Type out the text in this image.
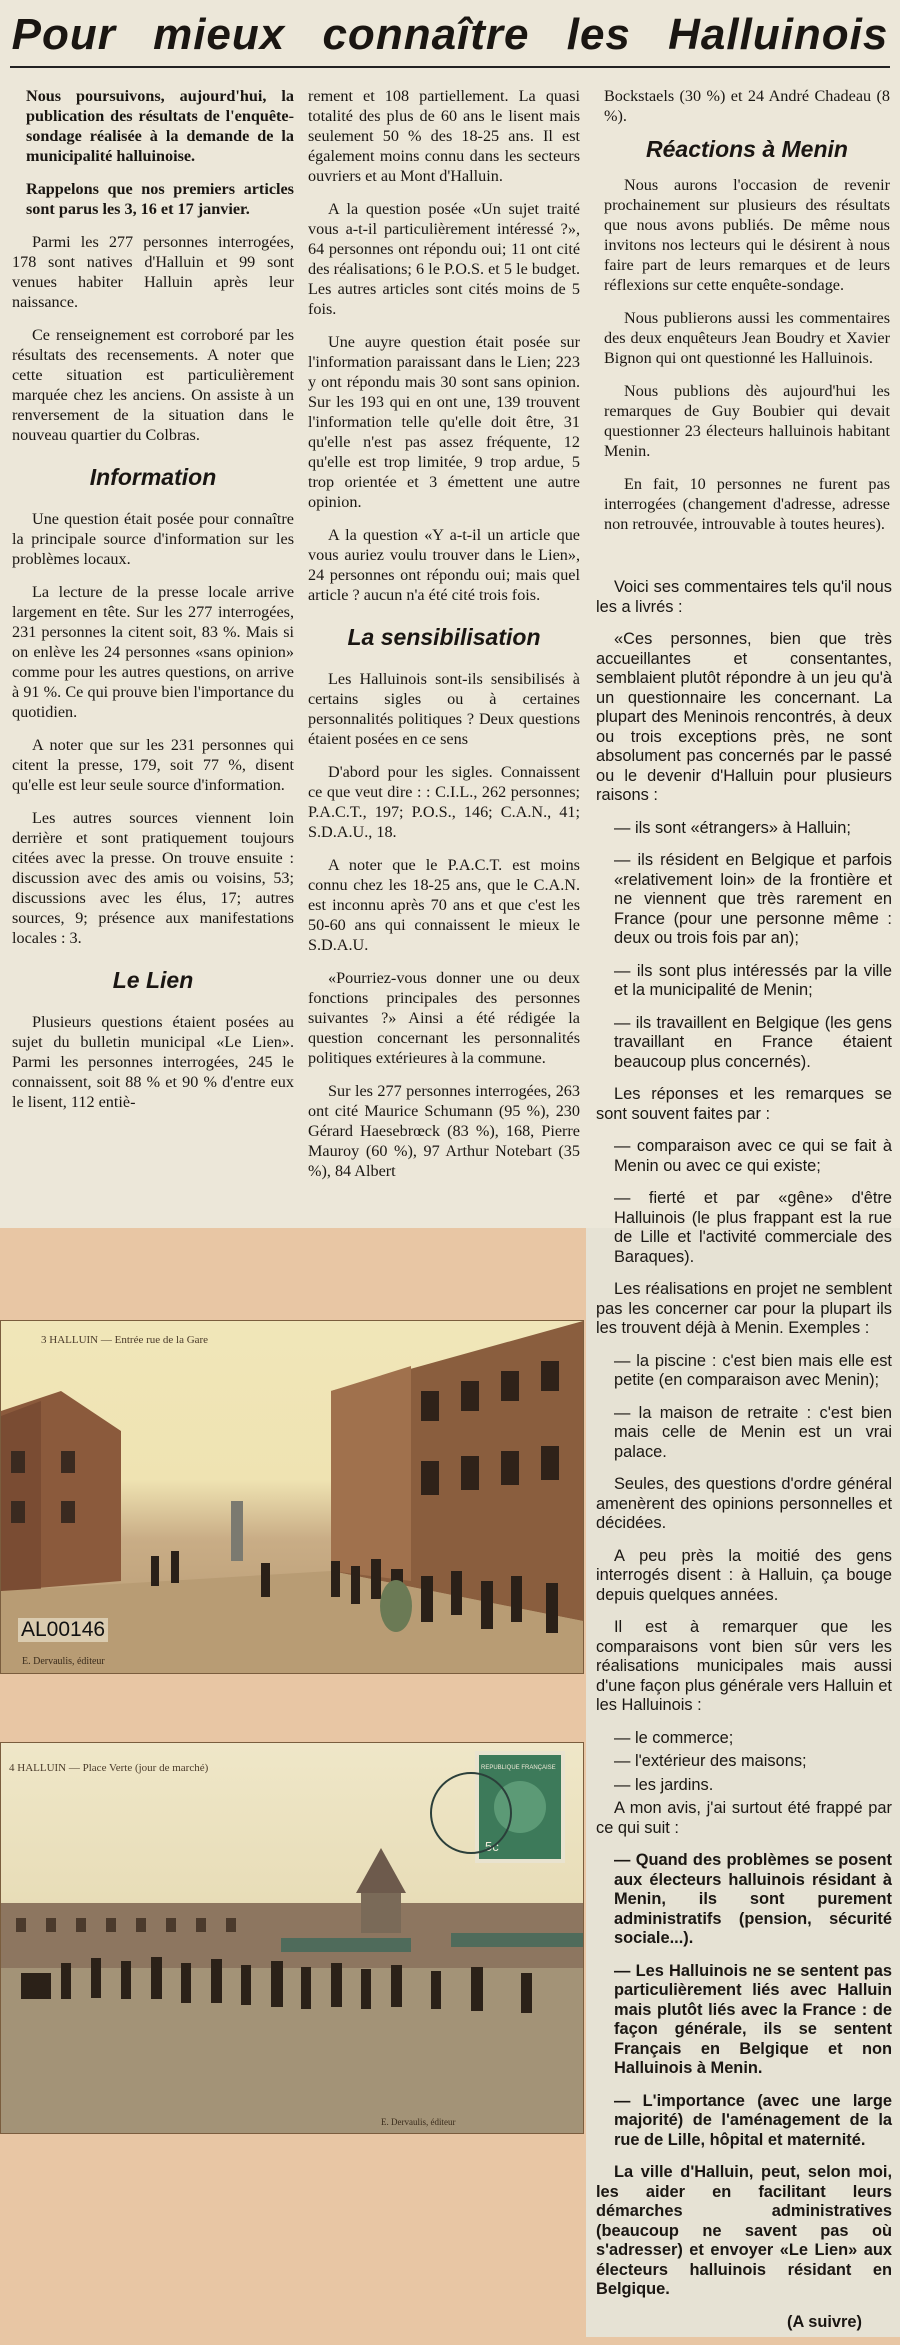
Pour mieux connaître les Halluinois

Nous poursuivons, aujourd'hui, la publication des résultats de l'enquête-sondage réalisée à la demande de la municipalité halluinoise.

Rappelons que nos premiers articles sont parus les 3, 16 et 17 janvier.

Parmi les 277 personnes interrogées, 178 sont natives d'Halluin et 99 sont venues habiter Halluin après leur naissance.

Ce renseignement est corroboré par les résultats des recensements. A noter que cette situation est particulièrement marquée chez les anciens. On assiste à un renversement de la situation dans le nouveau quartier du Colbras.

Information

Une question était posée pour connaître la principale source d'information sur les problèmes locaux.

La lecture de la presse locale arrive largement en tête. Sur les 277 interrogées, 231 personnes la citent soit, 83 %. Mais si on enlève les 24 personnes «sans opinion» comme pour les autres questions, on arrive à 91 %. Ce qui prouve bien l'importance du quotidien.

A noter que sur les 231 personnes qui citent la presse, 179, soit 77 %, disent qu'elle est leur seule source d'information.

Les autres sources viennent loin derrière et sont pratiquement toujours citées avec la presse. On trouve ensuite : discussion avec des amis ou voisins, 53; discussions avec les élus, 17; autres sources, 9; présence aux manifestations locales : 3.

Le Lien

Plusieurs questions étaient posées au sujet du bulletin municipal «Le Lien». Parmi les personnes interrogées, 245 le connaissent, soit 88 % et 90 % d'entre eux le lisent, 112 entiè-

rement et 108 partiellement. La quasi totalité des plus de 60 ans le lisent mais seulement 50 % des 18-25 ans. Il est également moins connu dans les secteurs ouvriers et au Mont d'Halluin.

A la question posée «Un sujet traité vous a-t-il particulièrement intéressé ?», 64 personnes ont répondu oui; 11 ont cité des réalisations; 6 le P.O.S. et 5 le budget. Les autres articles sont cités moins de 5 fois.

Une auyre question était posée sur l'information paraissant dans le Lien; 223 y ont répondu mais 30 sont sans opinion. Sur les 193 qui en ont une, 139 trouvent l'information telle qu'elle doit être, 31 qu'elle n'est pas assez fréquente, 12 qu'elle est trop limitée, 9 trop ardue, 5 trop orientée et 3 émettent une autre opinion.

A la question «Y a-t-il un article que vous auriez voulu trouver dans le Lien», 24 personnes ont répondu oui; mais quel article ? aucun n'a été cité trois fois.

La sensibilisation

Les Halluinois sont-ils sensibilisés à certains sigles ou à certaines personnalités politiques ? Deux questions étaient posées en ce sens

D'abord pour les sigles. Connaissent ce que veut dire : : C.I.L., 262 personnes; P.A.C.T., 197; P.O.S., 146; C.A.N., 41; S.D.A.U., 18.

A noter que le P.A.C.T. est moins connu chez les 18-25 ans, que le C.A.N. est inconnu après 70 ans et que c'est les 50-60 ans qui connaissent le mieux le S.D.A.U.

«Pourriez-vous donner une ou deux fonctions principales des personnes suivantes ?» Ainsi a été rédigée la question concernant les personnalités politiques extérieures à la commune.

Sur les 277 personnes interrogées, 263 ont cité Maurice Schumann (95 %), 230 Gérard Haesebrœck (83 %), 168, Pierre Mauroy (60 %), 97 Arthur Notebart (35 %), 84 Albert

Bockstaels (30 %) et 24 André Chadeau (8 %).

Réactions à Menin

Nous aurons l'occasion de revenir prochainement sur plusieurs des résultats que nous avons publiés. De même nous invitons nos lecteurs qui le désirent à nous faire part de leurs remarques et de leurs réflexions sur cette enquête-sondage.

Nous publierons aussi les commentaires des deux enquêteurs Jean Boudry et Xavier Bignon qui ont questionné les Halluinois.

Nous publions dès aujourd'hui les remarques de Guy Boubier qui devait questionner 23 électeurs halluinois habitant Menin.

En fait, 10 personnes ne furent pas interrogées (changement d'adresse, adresse non retrouvée, introuvable à toutes heures).

Voici ses commentaires tels qu'il nous les a livrés :

«Ces personnes, bien que très accueillantes et consentantes, semblaient plutôt répondre à un jeu qu'à un questionnaire les concernant. La plupart des Meninois rencontrés, à deux ou trois exceptions près, ne sont absolument pas concernés par le passé ou le devenir d'Halluin pour plusieurs raisons :

— ils sont «étrangers» à Halluin;

— ils résident en Belgique et parfois «relativement loin» de la frontière et ne viennent que très rarement en France (pour une personne même : deux ou trois fois par an);

— ils sont plus intéressés par la ville et la municipalité de Menin;

— ils travaillent en Belgique (les gens travaillant en France étaient beaucoup plus concernés).

Les réponses et les remarques se sont souvent faites par :

— comparaison avec ce qui se fait à Menin ou avec ce qui existe;

— fierté et par «gêne» d'être Halluinois (le plus frappant est la rue de Lille et l'activité commerciale des Baraques).

Les réalisations en projet ne semblent pas les concerner car pour la plupart ils les trouvent déjà à Menin. Exemples :

— la piscine : c'est bien mais elle est petite (en comparaison avec Menin);

— la maison de retraite : c'est bien mais celle de Menin est un vrai palace.

Seules, des questions d'ordre général amenèrent des opinions personnelles et décidées.

A peu près la moitié des gens interrogés disent : à Halluin, ça bouge depuis quelques années.

Il est à remarquer que les comparaisons vont bien sûr vers les réalisations municipales mais aussi d'une façon plus générale vers Halluin et les Halluinois :

— le commerce;

— l'extérieur des maisons;

— les jardins.

A mon avis, j'ai surtout été frappé par ce qui suit :

— Quand des problèmes se posent aux électeurs halluinois résidant à Menin, ils sont purement administratifs (pension, sécurité sociale...).

— Les Halluinois ne se sentent pas particulièrement liés avec Halluin mais plutôt liés avec la France : de façon générale, ils se sentent Français en Belgique et non Halluinois à Menin.

— L'importance (avec une large majorité) de l'aménagement de la rue de Lille, hôpital et maternité.

La ville d'Halluin, peut, selon moi, les aider en facilitant leurs démarches administratives (beaucoup ne savent pas où s'adresser) et envoyer «Le Lien» aux électeurs halluinois résidant en Belgique.

(A suivre)

3 HALLUIN — Entrée rue de la Gare
AL00146
E. Dervaulis, éditeur
4 HALLUIN — Place Verte (jour de marché)
E. Dervaulis, éditeur
REPUBLIQUE FRANÇAISE
5c
